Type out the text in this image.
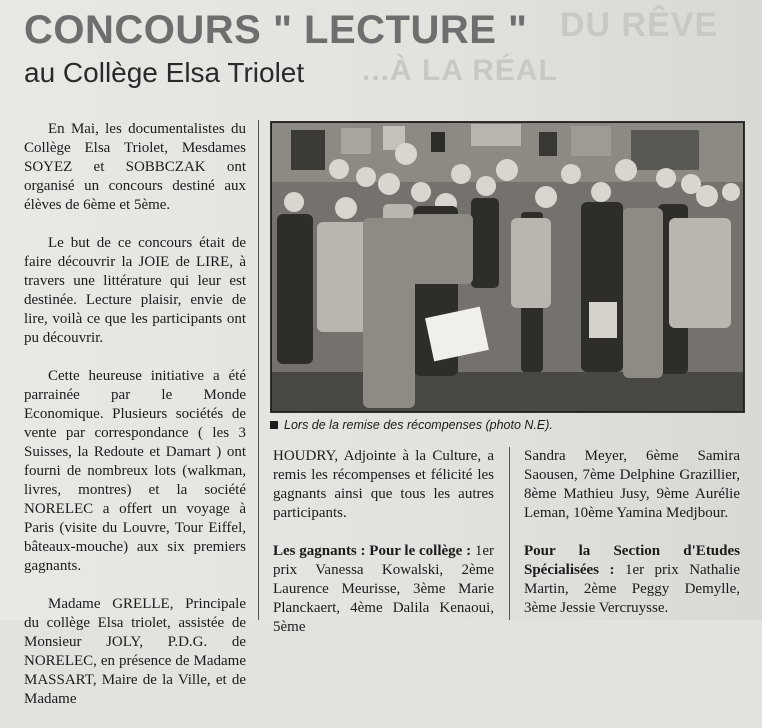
DU RÊVE
...À LA RÉAL
CONCOURS " LECTURE "
au Collège Elsa Triolet

En Mai, les documentalistes du Collège Elsa Triolet, Mesdames SOYEZ et SOBBCZAK ont organisé un concours destiné aux élèves de 6ème et 5ème.

Le but de ce concours était de faire découvrir la JOIE de LIRE, à travers une littérature qui leur est destinée. Lecture plaisir, envie de lire, voilà ce que les participants ont pu découvrir.

Cette heureuse initiative a été parrainée par le Monde Economique. Plusieurs sociétés de vente par correspondance ( les 3 Suisses, la Redoute et Damart ) ont fourni de nombreux lots (walkman, livres, montres) et la société NORELEC a offert un voyage à Paris (visite du Louvre, Tour Eiffel, bâteaux-mouche) aux six premiers gagnants.

Madame GRELLE, Principale du collège Elsa triolet, assistée de Monsieur JOLY, P.D.G. de NORELEC, en présence de Madame MASSART, Maire de la Ville, et de Madame

Lors de la remise des récompenses (photo N.E).

HOUDRY, Adjointe à la Culture, a remis les récompenses et félicité les gagnants ainsi que tous les autres participants.

Les gagnants : Pour le collège : 1er prix Vanessa Kowalski, 2ème Laurence Meurisse, 3ème Marie Planckaert, 4ème Dalila Kenaoui, 5ème

Sandra Meyer, 6ème Samira Saousen, 7ème Delphine Grazillier, 8ème Mathieu Jusy, 9ème Aurélie Leman, 10ème Yamina Medjbour.

Pour la Section d'Etudes Spécialisées : 1er prix Nathalie Martin, 2ème Peggy Demylle, 3ème Jessie Vercruysse.
